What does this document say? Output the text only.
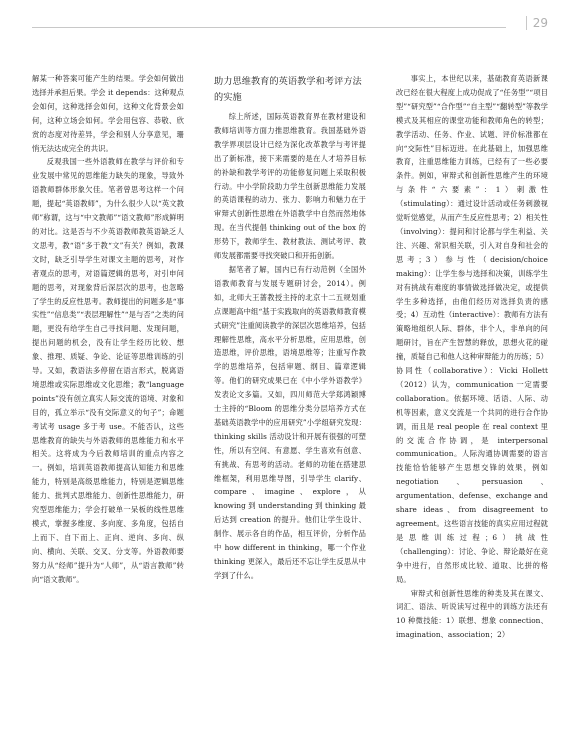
29

解某一种答案可能产生的结果。学会如何做出选择并承担后果。学会 it depends：这种观点会如何，这种选择会如何，这种文化背景会如何，这种立场会如何。学会用包容、恭敬、欣赏的态度对待差异，学会和别人分享意见，珊悄无法达成完全的共识。

反观我国一些外语教师在教学与评价和专业发展中常见的思维能力缺失的现象，导致外语教师群体形象欠佳。笔者曾思考这样一个问题，提起“英语教师”，为什么很少人以“英文教师”称谓，这与“中文教师”“语文教师”形成鲜明的对比。这是否与不少英语教师教英语缺乏人文思考，教“语”多于教“文”有关？例如，教课文时，缺乏引导学生对课文主题的思考，对作者观点的思考，对语篇逻辑的思考，对引申问题的思考，对现象背后深层次的思考，也忽略了学生的反应性思考。教师提出的问题多是“事实性”“信息类”“表层理解性”“是与否”之类的问题，更没有给学生自己寻找问题、发现问题，提出问题的机会，没有让学生经历比较、想象、推理、质疑、争论、论证等思维训练的引导。又如，教语法多停留在语言形式，脱离语境思维或实际思维或文化思维；教“language points”没有创立真实人际交流的语境、对象和目的，孤立举示“没有交际意义的句子”；命题考试考 usage 多于考 use。不能否认，这些思维教育的缺失与外语教师的思维能力和水平相关。这将成为今后教师培训的重点内容之一。例如，培训英语教师提高认知能力和思维能力，特别是高级思维能力，特别是逻辑思维能力、批判式思维能力、创新性思维能力，研究型思维能力；学会打破单一呆板的线性思维模式，掌握多维度、多向度、多角度，包括自上而下、自下而上、正向、逆向、多向、纵向、横向、关联、交叉、分支等。外语教师要努力从“经师”提升为“人师”，从“语言教师”转向“语文教师”。

助力思维教育的英语教学和考评方法的实施

综上所述，国际英语教育界在教材建设和教师培训等方面力推思维教育。我国基础外语教学界项层设计已经为深化改革教学与考评提出了新标准，接下来需要的是在人才培养目标的补缺和教学考评的功能修复问题上采取积极行动。中小学阶段助力学生创新思维能力发展的英语课程的动力、张力、影响力和魅力在于审辩式创新性思维在外语教学中自然而然地体现。在当代提倡 thinking out of the box 的形势下，教师学生、教材教法、测试考评、教师发展都需要寻找突破口和开拓创新。

据笔者了解，国内已有行动范例（全国外语教师教育与发展专题研讨会，2014）。例如，北师大王蔷教授主持的北京十二五规划重点课题高中组“基于实践取向的英语教师教育模式研究”注重阅读教学的深层次思维培养，包括理解性思维，高水平分析思维，应用思维，创造思维，评价思维，语境思维等；注重写作教学的思维培养，包括审题、纲目、篇章逻辑等。他们的研究成果已在《中小学外语教学》发表论文多篇。又如，四川师范大学郑鸿颖博士主持的“Bloom 的思维分类分层培养方式在基础英语教学中的应用研究”小学组研究发现：thinking skills 活动设计和开展有很强的可塑性，所以有空间、有意愿、学生喜欢有创意、有挑战、有思考的活动。老师的功能在搭建思维框架，利用思维导图，引导学生 clarify、compare、imagine、explore，从 knowing 到 understanding 到 thinking 最后达到 creation 的提升。他们让学生设计、制作、展示各自的作品，相互评价，分析作品中 how different in thinking，哪一个作业 thinking 更深入，最后还不忘让学生反思从中学到了什么。

事实上，本世纪以来，基础教育英语新课改已经在很大程度上成功促成了“任务型”“项目型”“研究型”“合作型”“自主型”“翻转型”等教学模式及其相应的课堂功能和教师角色的转型；教学活动、任务、作业、试题、评价标准都在向“交际性”目标迈进。在此基础上，加强思维教育，注重思维能力训练，已经有了一些必要条件。例如，审辩式和创新性思维产生的环境与条件“六要素”：1）刺激性（stimulating）：通过设计活动或任务刺激视觉听觉感觉，从而产生反应性思考；2）相关性（involving）：提问和讨论都与学生利益、关注、兴趣、常识相关联，引入对自身和社会的思考；3）参与性（decision/choice making）：让学生参与选择和决策，训练学生对有挑战有难度的事情做选择做决定，或提供学生多种选择，由他们经历对选择负责的感受；4）互动性（interactive）：教师有方法有策略地组织人际、群体，非个人，非单向的问题研讨，旨在产生智慧的释放，思想火花的碰撞，质疑自己和他人这种审辩能力的历练；5）协同性（collaborative）：Vicki Hollett（2012）认为，communication 一定需要 collaboration。依据环境、话语、人际、动机等因素，意义交流是一个共同的进行合作协调，而且是 real people 在 real context 里的交流合作协调，是 interpersonal communication。人际沟通协调需要的语言技能恰恰能够产生思想交锋的效果，例如 negotiation、persuasion、argumentation、defense、exchange and share ideas、from disagreement to agreement。这些语言技能的真实应用过程就是思维训练过程；6）挑战性（challenging）：讨论、争论、辩论最好在竞争中进行，自然形成比较、道取、比拼的格局。

审辩式和创新性思维的种类及其在课文、词汇、语法、听说读写过程中的训练方法还有 10 种微技能：1）联想、想象 connection、imagination、association；2）
